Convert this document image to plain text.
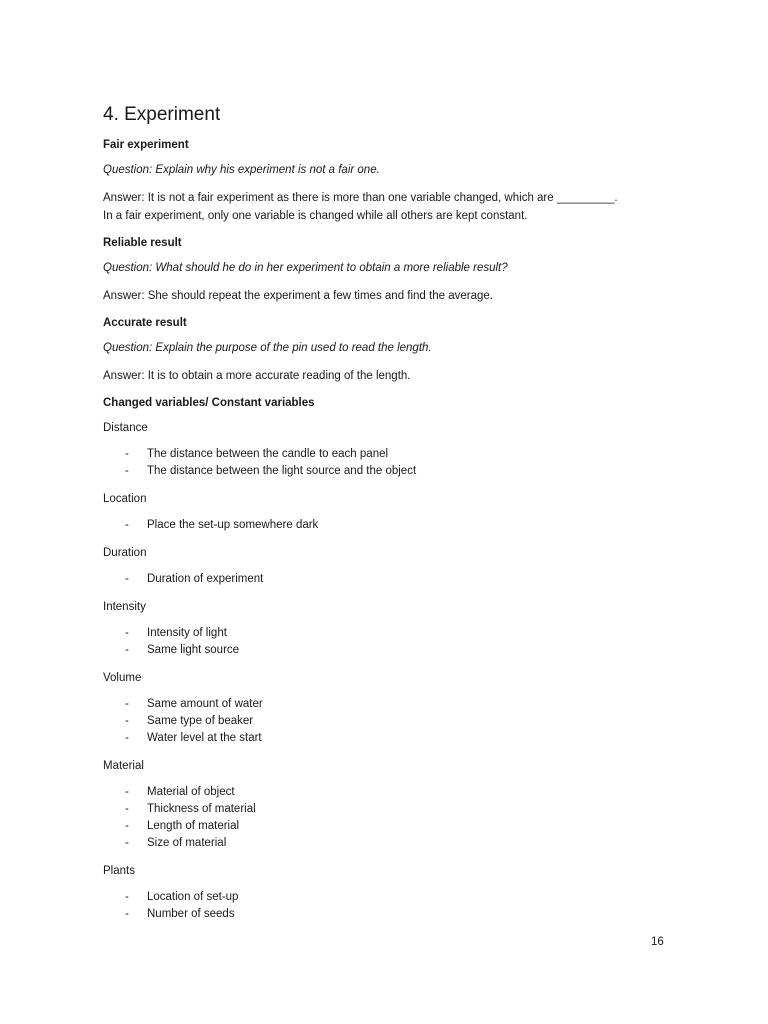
4. Experiment
Fair experiment
Question: Explain why his experiment is not a fair one.
Answer: It is not a fair experiment as there is more than one variable changed, which are _________.
In a fair experiment, only one variable is changed while all others are kept constant.
Reliable result
Question: What should he do in her experiment to obtain a more reliable result?
Answer: She should repeat the experiment a few times and find the average.
Accurate result
Question: Explain the purpose of the pin used to read the length.
Answer: It is to obtain a more accurate reading of the length.
Changed variables/ Constant variables
Distance
- The distance between the candle to each panel
- The distance between the light source and the object
Location
- Place the set-up somewhere dark
Duration
- Duration of experiment
Intensity
- Intensity of light
- Same light source
Volume
- Same amount of water
- Same type of beaker
- Water level at the start
Material
- Material of object
- Thickness of material
- Length of material
- Size of material
Plants
- Location of set-up
- Number of seeds
16
